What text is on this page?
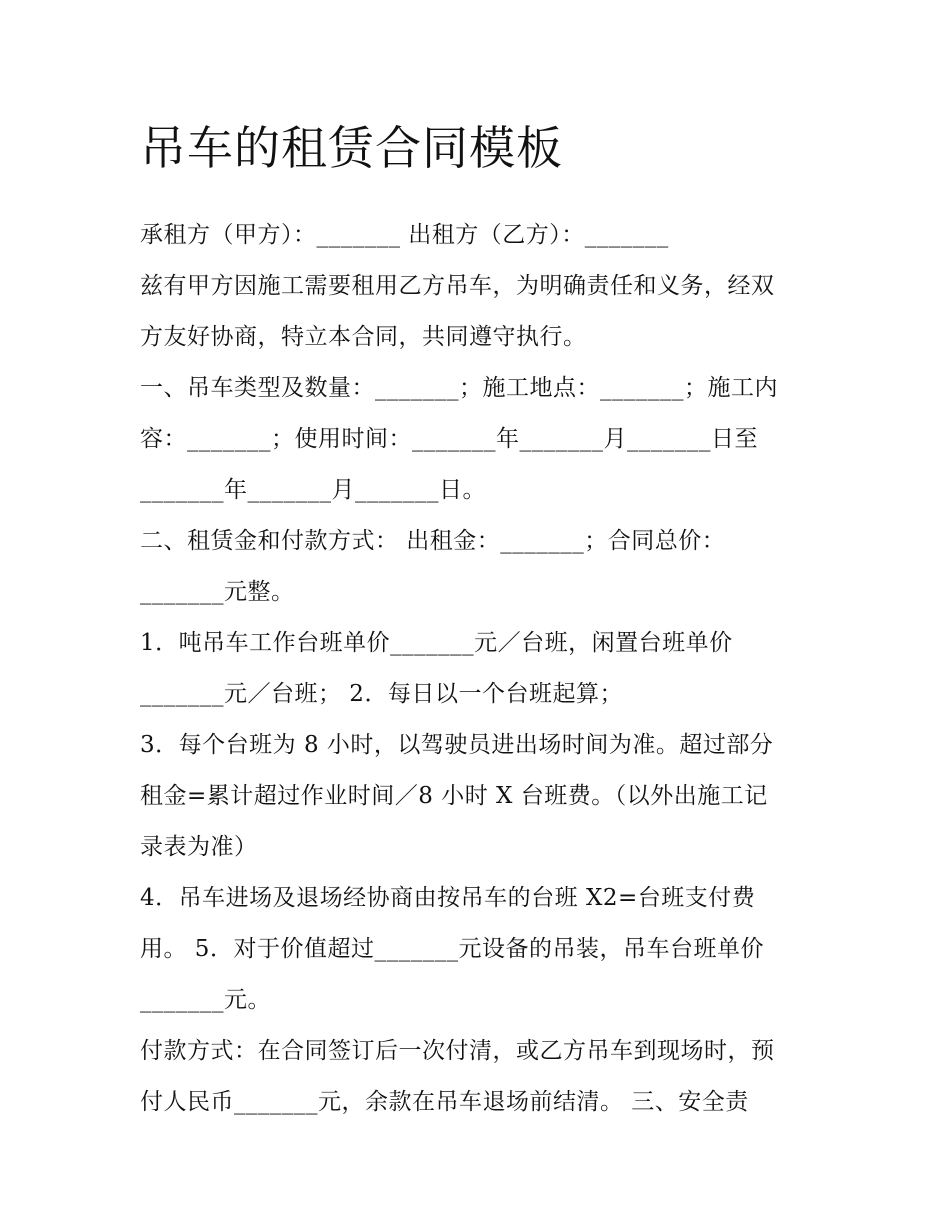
吊车的租赁合同模板
承租方（甲方）：_______ 出租方（乙方）：_______
兹有甲方因施工需要租用乙方吊车，为明确责任和义务，经双
方友好协商，特立本合同，共同遵守执行。
一、吊车类型及数量：_______；施工地点：_______；施工内
容：_______；使用时间：_______年_______月_______日至
_______年_______月_______日。
二、租赁金和付款方式： 出租金：_______；合同总价：
_______元整。
1．吨吊车工作台班单价_______元／台班，闲置台班单价
_______元／台班； 2．每日以一个台班起算；
3．每个台班为 8 小时，以驾驶员进出场时间为准。超过部分
租金=累计超过作业时间／8 小时 X 台班费。（以外出施工记
录表为准）
4．吊车进场及退场经协商由按吊车的台班 X2=台班支付费
用。 5．对于价值超过_______元设备的吊装，吊车台班单价
_______元。
付款方式：在合同签订后一次付清，或乙方吊车到现场时，预
付人民币_______元，余款在吊车退场前结清。 三、安全责
